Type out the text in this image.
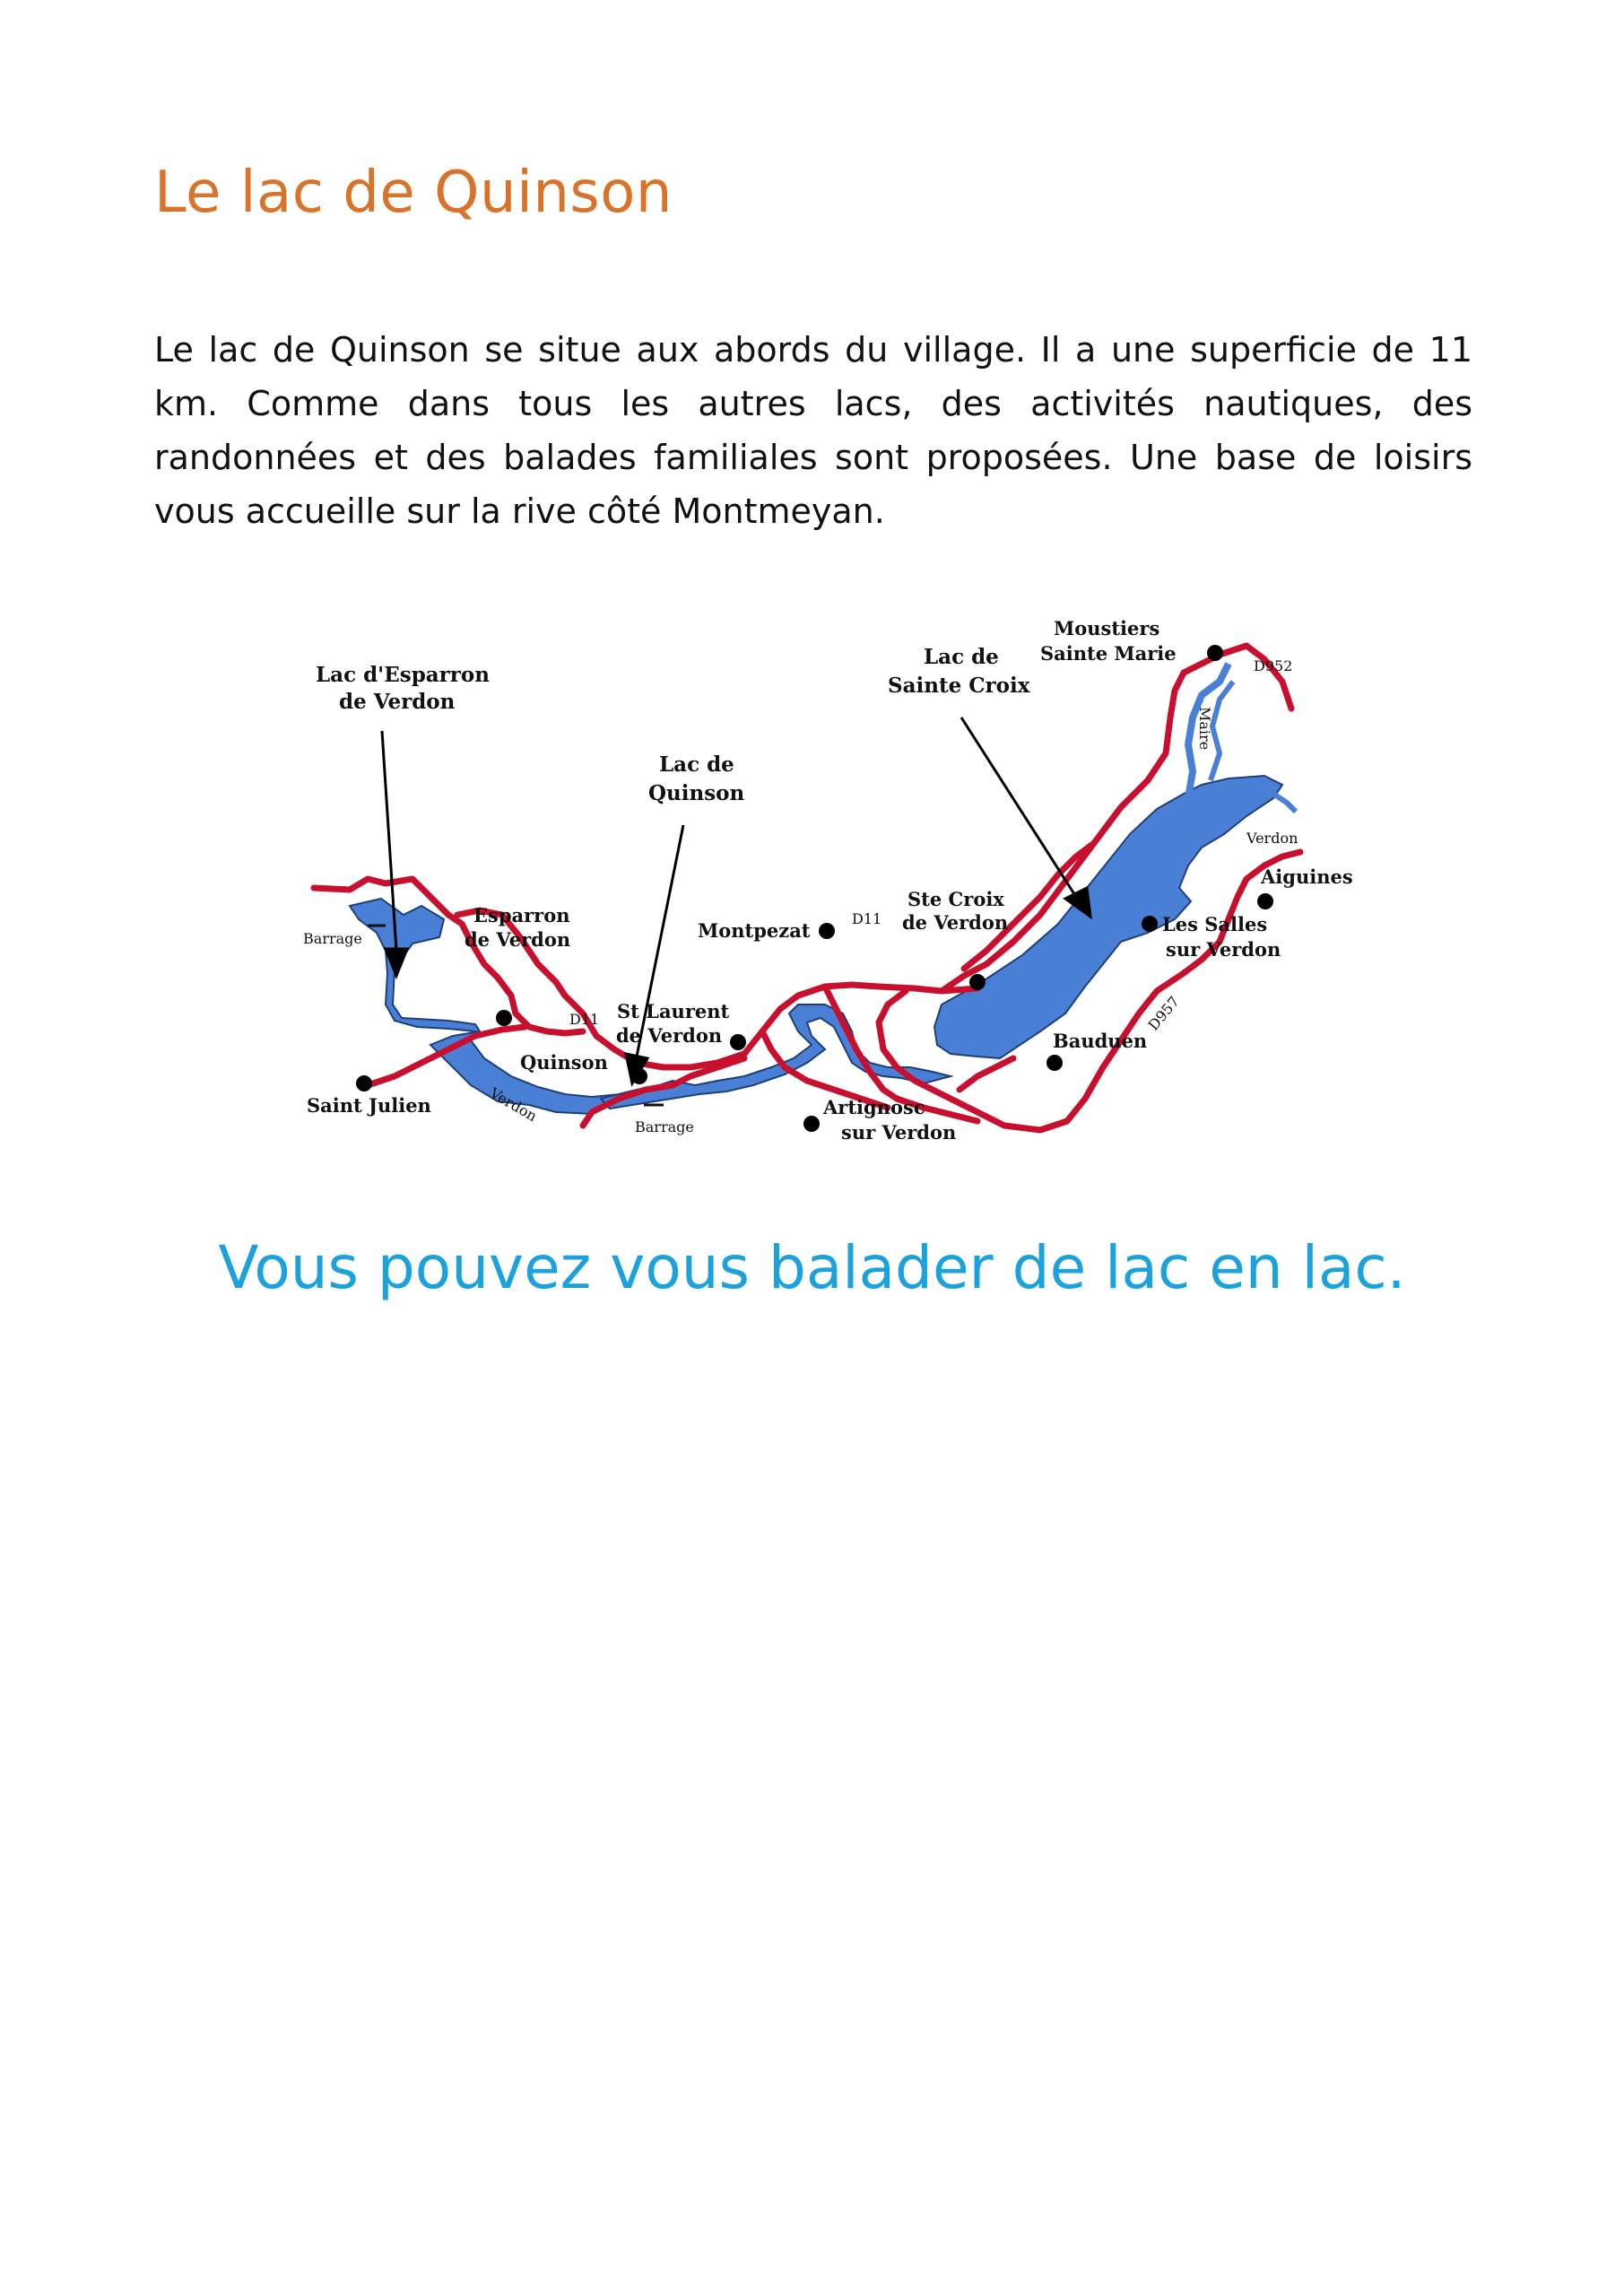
Le lac de Quinson

Le lac de Quinson se situe aux abords du village. Il a une superficie de 11 km. Comme dans tous les autres lacs, des activités nautiques, des randonnées et des balades familiales sont proposées. Une base de loisirs vous accueille sur la rive côté Montmeyan.

Lac d'Esparron
de Verdon
Lac de
Quinson
Lac de
Sainte Croix
Moustiers
Sainte Marie
Esparron
de Verdon	Montpezat
Ste Croix
de Verdon
St Laurent
de Verdon
Quinson
Saint Julien	Artignosc
sur Verdon
Bauduen
Aiguines
Les Salles
sur Verdon
Barrage
Barrage
D11
D11
D952
D957
Verdon
Verdon
Maire

Vous pouvez vous balader de lac en lac.
